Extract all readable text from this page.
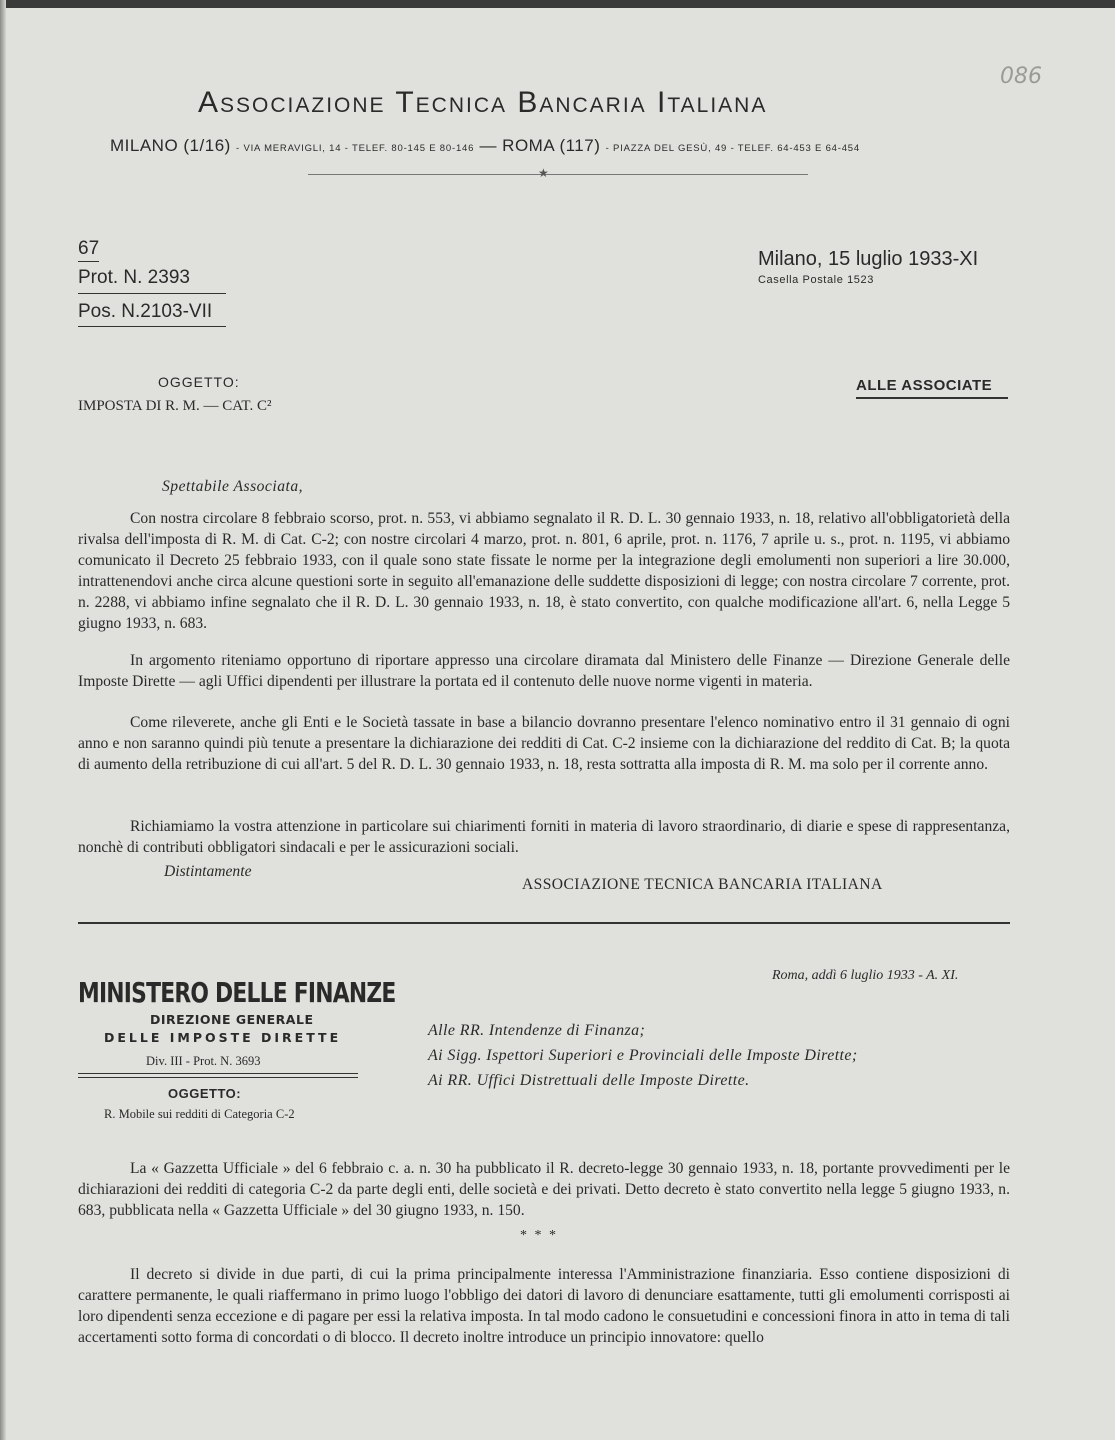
086
Associazione Tecnica Bancaria Italiana
MILANO (1/16) - VIA MERAVIGLI, 14 - TELEF. 80-145 E 80-146 — ROMA (117) - PIAZZA DEL GESÙ, 49 - TELEF. 64-453 E 64-454
★
67
Prot. N. 2393
Pos. N.2103-VII
Milano, 15 luglio 1933-XI
Casella Postale 1523
OGGETTO:
IMPOSTA DI R. M. — CAT. C²
ALLE ASSOCIATE
Spettabile Associata,
Con nostra circolare 8 febbraio scorso, prot. n. 553, vi abbiamo segnalato il R. D. L. 30 gennaio 1933, n. 18, relativo all'obbligatorietà della rivalsa dell'imposta di R. M. di Cat. C-2; con nostre circolari 4 marzo, prot. n. 801, 6 aprile, prot. n. 1176, 7 aprile u. s., prot. n. 1195, vi abbiamo comunicato il Decreto 25 febbraio 1933, con il quale sono state fissate le norme per la integrazione degli emolumenti non superiori a lire 30.000, intrattenendovi anche circa alcune questioni sorte in seguito all'emanazione delle suddette disposizioni di legge; con nostra circolare 7 corrente, prot. n. 2288, vi abbiamo infine segnalato che il R. D. L. 30 gennaio 1933, n. 18, è stato convertito, con qualche modificazione all'art. 6, nella Legge 5 giugno 1933, n. 683.
In argomento riteniamo opportuno di riportare appresso una circolare diramata dal Ministero delle Finanze — Direzione Generale delle Imposte Dirette — agli Uffici dipendenti per illustrare la portata ed il contenuto delle nuove norme vigenti in materia.
Come rileverete, anche gli Enti e le Società tassate in base a bilancio dovranno presentare l'elenco nominativo entro il 31 gennaio di ogni anno e non saranno quindi più tenute a presentare la dichiarazione dei redditi di Cat. C-2 insieme con la dichiarazione del reddito di Cat. B; la quota di aumento della retribuzione di cui all'art. 5 del R. D. L. 30 gennaio 1933, n. 18, resta sottratta alla imposta di R. M. ma solo per il corrente anno.
Richiamiamo la vostra attenzione in particolare sui chiarimenti forniti in materia di lavoro straordinario, di diarie e spese di rappresentanza, nonchè di contributi obbligatori sindacali e per le assicurazioni sociali.
Distintamente
ASSOCIAZIONE TECNICA BANCARIA ITALIANA
MINISTERO DELLE FINANZE
DIREZIONE GENERALE
DELLE IMPOSTE DIRETTE
Div. III - Prot. N. 3693
OGGETTO:
R. Mobile sui redditi di Categoria C-2
Roma, addì 6 luglio 1933 - A. XI.
Alle RR. Intendenze di Finanza;
Ai Sigg. Ispettori Superiori e Provinciali delle Imposte Dirette;
Ai RR. Uffici Distrettuali delle Imposte Dirette.
La « Gazzetta Ufficiale » del 6 febbraio c. a. n. 30 ha pubblicato il R. decreto-legge 30 gennaio 1933, n. 18, portante provvedimenti per le dichiarazioni dei redditi di categoria C-2 da parte degli enti, delle società e dei privati. Detto decreto è stato convertito nella legge 5 giugno 1933, n. 683, pubblicata nella « Gazzetta Ufficiale » del 30 giugno 1933, n. 150.
* * *
Il decreto si divide in due parti, di cui la prima principalmente interessa l'Amministrazione finanziaria. Esso contiene disposizioni di carattere permanente, le quali riaffermano in primo luogo l'obbligo dei datori di lavoro di denunciare esattamente, tutti gli emolumenti corrisposti ai loro dipendenti senza eccezione e di pagare per essi la relativa imposta. In tal modo cadono le consuetudini e concessioni finora in atto in tema di tali accertamenti sotto forma di concordati o di blocco. Il decreto inoltre introduce un principio innovatore: quello
